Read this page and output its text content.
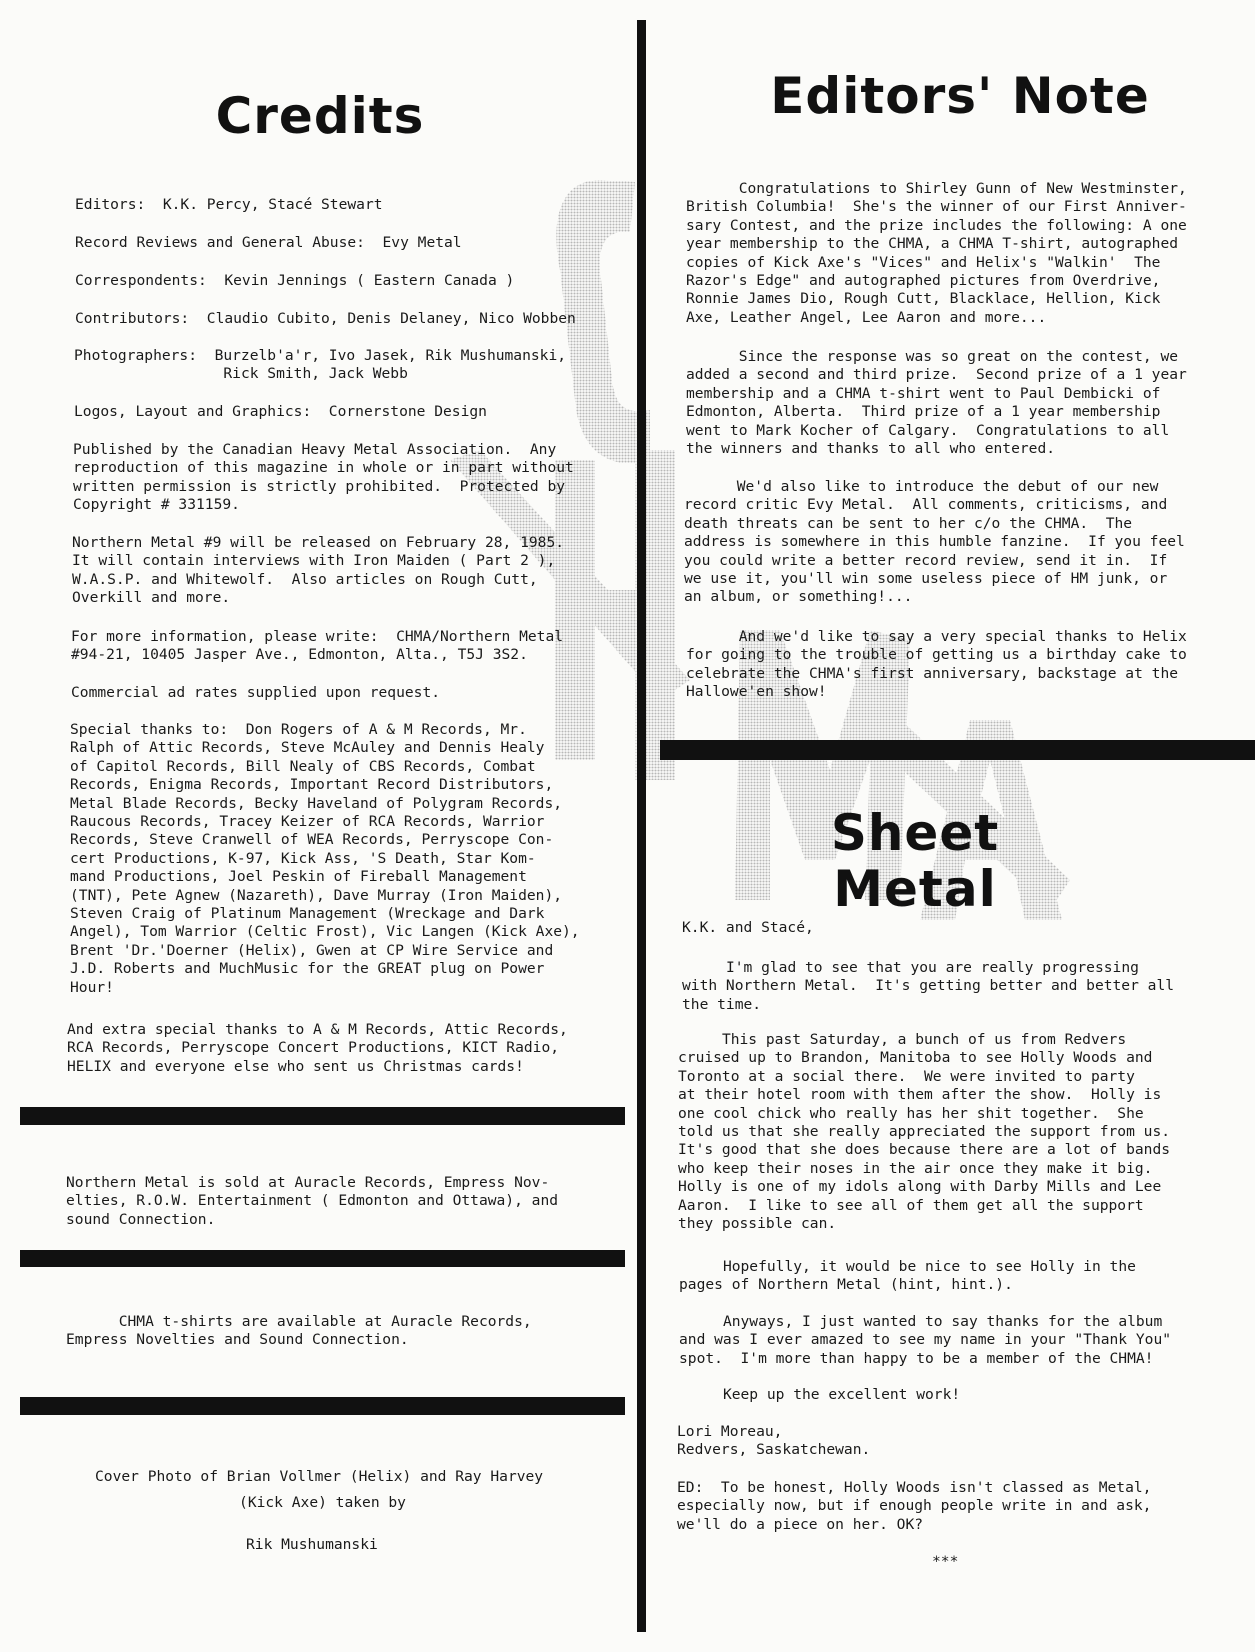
Credits

Editors:  K.K. Percy, Stacé Stewart

Record Reviews and General Abuse:  Evy Metal

Correspondents:  Kevin Jennings ( Eastern Canada )

Contributors:  Claudio Cubito, Denis Delaney, Nico Wobben

Photographers:  Burzelb'a'r, Ivo Jasek, Rik Mushumanski,
Rick Smith, Jack Webb

Logos, Layout and Graphics:  Cornerstone Design

Published by the Canadian Heavy Metal Association.  Any
reproduction of this magazine in whole or in part without
written permission is strictly prohibited.  Protected by
Copyright # 331159.

Northern Metal #9 will be released on February 28, 1985.
It will contain interviews with Iron Maiden ( Part 2 ),
W.A.S.P. and Whitewolf.  Also articles on Rough Cutt,
Overkill and more.

For more information, please write:  CHMA/Northern Metal
#94-21, 10405 Jasper Ave., Edmonton, Alta., T5J 3S2.

Commercial ad rates supplied upon request.

Special thanks to:  Don Rogers of A & M Records, Mr.
Ralph of Attic Records, Steve McAuley and Dennis Healy
of Capitol Records, Bill Nealy of CBS Records, Combat
Records, Enigma Records, Important Record Distributors,
Metal Blade Records, Becky Haveland of Polygram Records,
Raucous Records, Tracey Keizer of RCA Records, Warrior
Records, Steve Cranwell of WEA Records, Perryscope Con-
cert Productions, K-97, Kick Ass, 'S Death, Star Kom-
mand Productions, Joel Peskin of Fireball Management
(TNT), Pete Agnew (Nazareth), Dave Murray (Iron Maiden),
Steven Craig of Platinum Management (Wreckage and Dark
Angel), Tom Warrior (Celtic Frost), Vic Langen (Kick Axe),
Brent 'Dr.'Doerner (Helix), Gwen at CP Wire Service and
J.D. Roberts and MuchMusic for the GREAT plug on Power
Hour!

And extra special thanks to A & M Records, Attic Records,
RCA Records, Perryscope Concert Productions, KICT Radio,
HELIX and everyone else who sent us Christmas cards!

Northern Metal is sold at Auracle Records, Empress Nov-
elties, R.O.W. Entertainment ( Edmonton and Ottawa), and
sound Connection.

CHMA t-shirts are available at Auracle Records,
Empress Novelties and Sound Connection.

Cover Photo of Brian Vollmer (Helix) and Ray Harvey

(Kick Axe) taken by

Rik Mushumanski

Editors' Note

Congratulations to Shirley Gunn of New Westminster,
British Columbia!  She's the winner of our First Anniver-
sary Contest, and the prize includes the following: A one
year membership to the CHMA, a CHMA T-shirt, autographed
copies of Kick Axe's "Vices" and Helix's "Walkin'  The
Razor's Edge" and autographed pictures from Overdrive,
Ronnie James Dio, Rough Cutt, Blacklace, Hellion, Kick
Axe, Leather Angel, Lee Aaron and more...

Since the response was so great on the contest, we
added a second and third prize.  Second prize of a 1 year
membership and a CHMA t-shirt went to Paul Dembicki of
Edmonton, Alberta.  Third prize of a 1 year membership
went to Mark Kocher of Calgary.  Congratulations to all
the winners and thanks to all who entered.

We'd also like to introduce the debut of our new
record critic Evy Metal.  All comments, criticisms, and
death threats can be sent to her c/o the CHMA.  The
address is somewhere in this humble fanzine.  If you feel
you could write a better record review, send it in.  If
we use it, you'll win some useless piece of HM junk, or
an album, or something!...

And we'd like to say a very special thanks to Helix
for going to the trouble of getting us a birthday cake to
celebrate the CHMA's first anniversary, backstage at the
Hallowe'en show!

Sheet Metal

K.K. and Stacé,

I'm glad to see that you are really progressing
with Northern Metal.  It's getting better and better all
the time.

This past Saturday, a bunch of us from Redvers
cruised up to Brandon, Manitoba to see Holly Woods and
Toronto at a social there.  We were invited to party
at their hotel room with them after the show.  Holly is
one cool chick who really has her shit together.  She
told us that she really appreciated the support from us.
It's good that she does because there are a lot of bands
who keep their noses in the air once they make it big.
Holly is one of my idols along with Darby Mills and Lee
Aaron.  I like to see all of them get all the support
they possible can.

Hopefully, it would be nice to see Holly in the
pages of Northern Metal (hint, hint.).

Anyways, I just wanted to say thanks for the album
and was I ever amazed to see my name in your "Thank You"
spot.  I'm more than happy to be a member of the CHMA!

Keep up the excellent work!

Lori Moreau,
Redvers, Saskatchewan.

ED:  To be honest, Holly Woods isn't classed as Metal,
especially now, but if enough people write in and ask,
we'll do a piece on her. OK?

***
